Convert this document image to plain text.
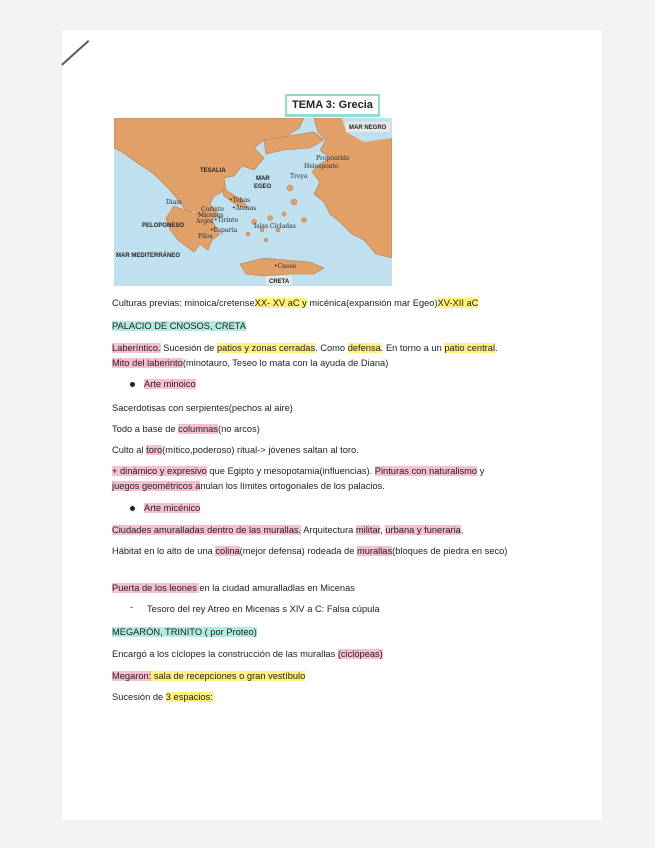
TEMA 3: Grecia
MAR NEGRO
Propóntide
Helesponto
Troya
TESALIA
MAR
EGEO
•Tebas
•Atenas
Corinto
Micenas
Argos •Tirinto
•Esparta
Pilos
Diam
PELOPONESO	Islas Cícladas
MAR MEDITERRÁNEO
•Cnoso
CRETA
Culturas previas: minoica/cretenseXX- XV aC y micénica(expansión mar Egeo)XV-XII aC
PALACIO DE CNOSOS, CRETA
Laberíntico. Sucesión de patios y zonas cerradas. Como defensa. En torno a un patio central.
Mito del laberinto(minotauro, Teseo lo mata con la ayuda de Diana)
Arte minoico
Sacerdotisas con serpientes(pechos al aire)
Todo a base de columnas(no arcos)
Culto al toro(mítico,poderoso) ritual-> jóvenes saltan al toro.
+ dinámico y expresivo que Egipto y mesopotamia(influencias). Pinturas con naturalismo y
juegos geométricos anulan los límites ortogonales de los palacios.
Arte micénico
Ciudades amuralladas dentro de las murallas. Arquitectura militar, urbana y funeraria.
Hábitat en lo alto de una colina(mejor defensa) rodeada de murallas(bloques de piedra en seco)
Puerta de los leones en la ciudad amuralladlas en Micenas
- Tesoro del rey Atreo en Micenas s XIV a C: Falsa cúpula
MEGARÓN, TRINITO ( por Proteo)
Encargó a los cíclopes la construcción de las murallas (ciclópeas)
Megaron: sala de recepciones o gran vestíbulo
Sucesión de 3 espacios:
